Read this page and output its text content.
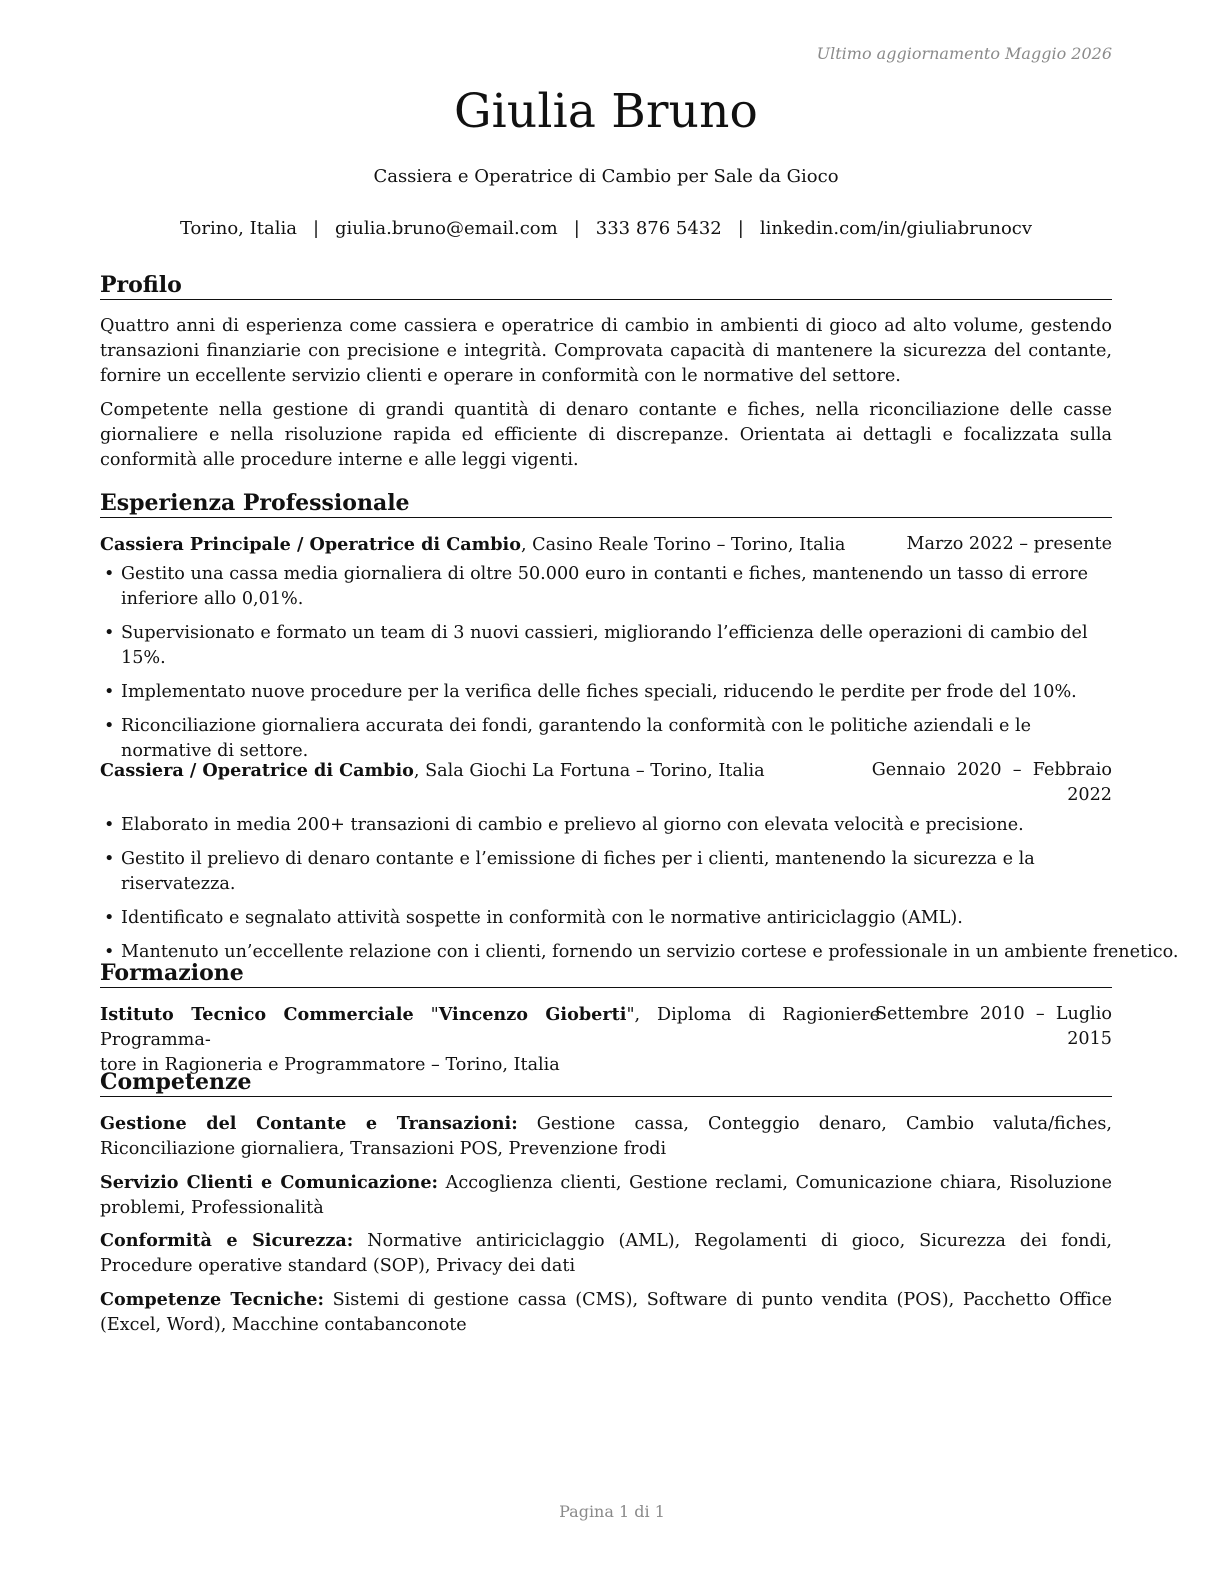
Ultimo aggiornamento Maggio 2026
Giulia Bruno
Cassiera e Operatrice di Cambio per Sale da Gioco
Torino, Italia | giulia.bruno@email.com | 333 876 5432 | linkedin.com/in/giuliabrunocv
Profilo
Quattro anni di esperienza come cassiera e operatrice di cambio in ambienti di gioco ad alto volume, gestendo transazioni finanziarie con precisione e integrità. Comprovata capacità di mantenere la sicurezza del contante, fornire un eccellente servizio clienti e operare in conformità con le normative del settore.
Competente nella gestione di grandi quantità di denaro contante e fiches, nella riconciliazione delle casse giornaliere e nella risoluzione rapida ed efficiente di discrepanze. Orientata ai dettagli e focalizzata sulla conformità alle procedure interne e alle leggi vigenti.
Esperienza Professionale
Cassiera Principale / Operatrice di Cambio, Casino Reale Torino – Torino, Italia	Marzo 2022 – presente
• Gestito una cassa media giornaliera di oltre 50.000 euro in contanti e fiches, mantenendo un tasso di errore inferiore allo 0,01%.
• Supervisionato e formato un team di 3 nuovi cassieri, migliorando l’efficienza delle operazioni di cambio del 15%.
• Implementato nuove procedure per la verifica delle fiches speciali, riducendo le perdite per frode del 10%.
• Riconciliazione giornaliera accurata dei fondi, garantendo la conformità con le politiche aziendali e le normative di settore.
Cassiera / Operatrice di Cambio, Sala Giochi La Fortuna – Torino, Italia	Gennaio  2020  –  Febbraio
2022
• Elaborato in media 200+ transazioni di cambio e prelievo al giorno con elevata velocità e precisione.
• Gestito il prelievo di denaro contante e l’emissione di fiches per i clienti, mantenendo la sicurezza e la riservatezza.
• Identificato e segnalato attività sospette in conformità con le normative antiriciclaggio (AML).
• Mantenuto un’eccellente relazione con i clienti, fornendo un servizio cortese e professionale in un ambiente frenetico.
Formazione
Istituto Tecnico Commerciale "Vincenzo Gioberti", Diploma di Ragioniere Programma-
tore in Ragioneria e Programmatore – Torino, Italia
Settembre  2010  –  Luglio
2015
Competenze
Gestione del Contante e Transazioni: Gestione cassa, Conteggio denaro, Cambio valuta/fiches, Riconciliazione giornaliera, Transazioni POS, Prevenzione frodi
Servizio Clienti e Comunicazione: Accoglienza clienti, Gestione reclami, Comunicazione chiara, Risoluzione problemi, Professionalità
Conformità e Sicurezza: Normative antiriciclaggio (AML), Regolamenti di gioco, Sicurezza dei fondi, Procedure operative standard (SOP), Privacy dei dati
Competenze Tecniche: Sistemi di gestione cassa (CMS), Software di punto vendita (POS), Pacchetto Office (Excel, Word), Macchine contabanconote
Pagina 1 di 1
